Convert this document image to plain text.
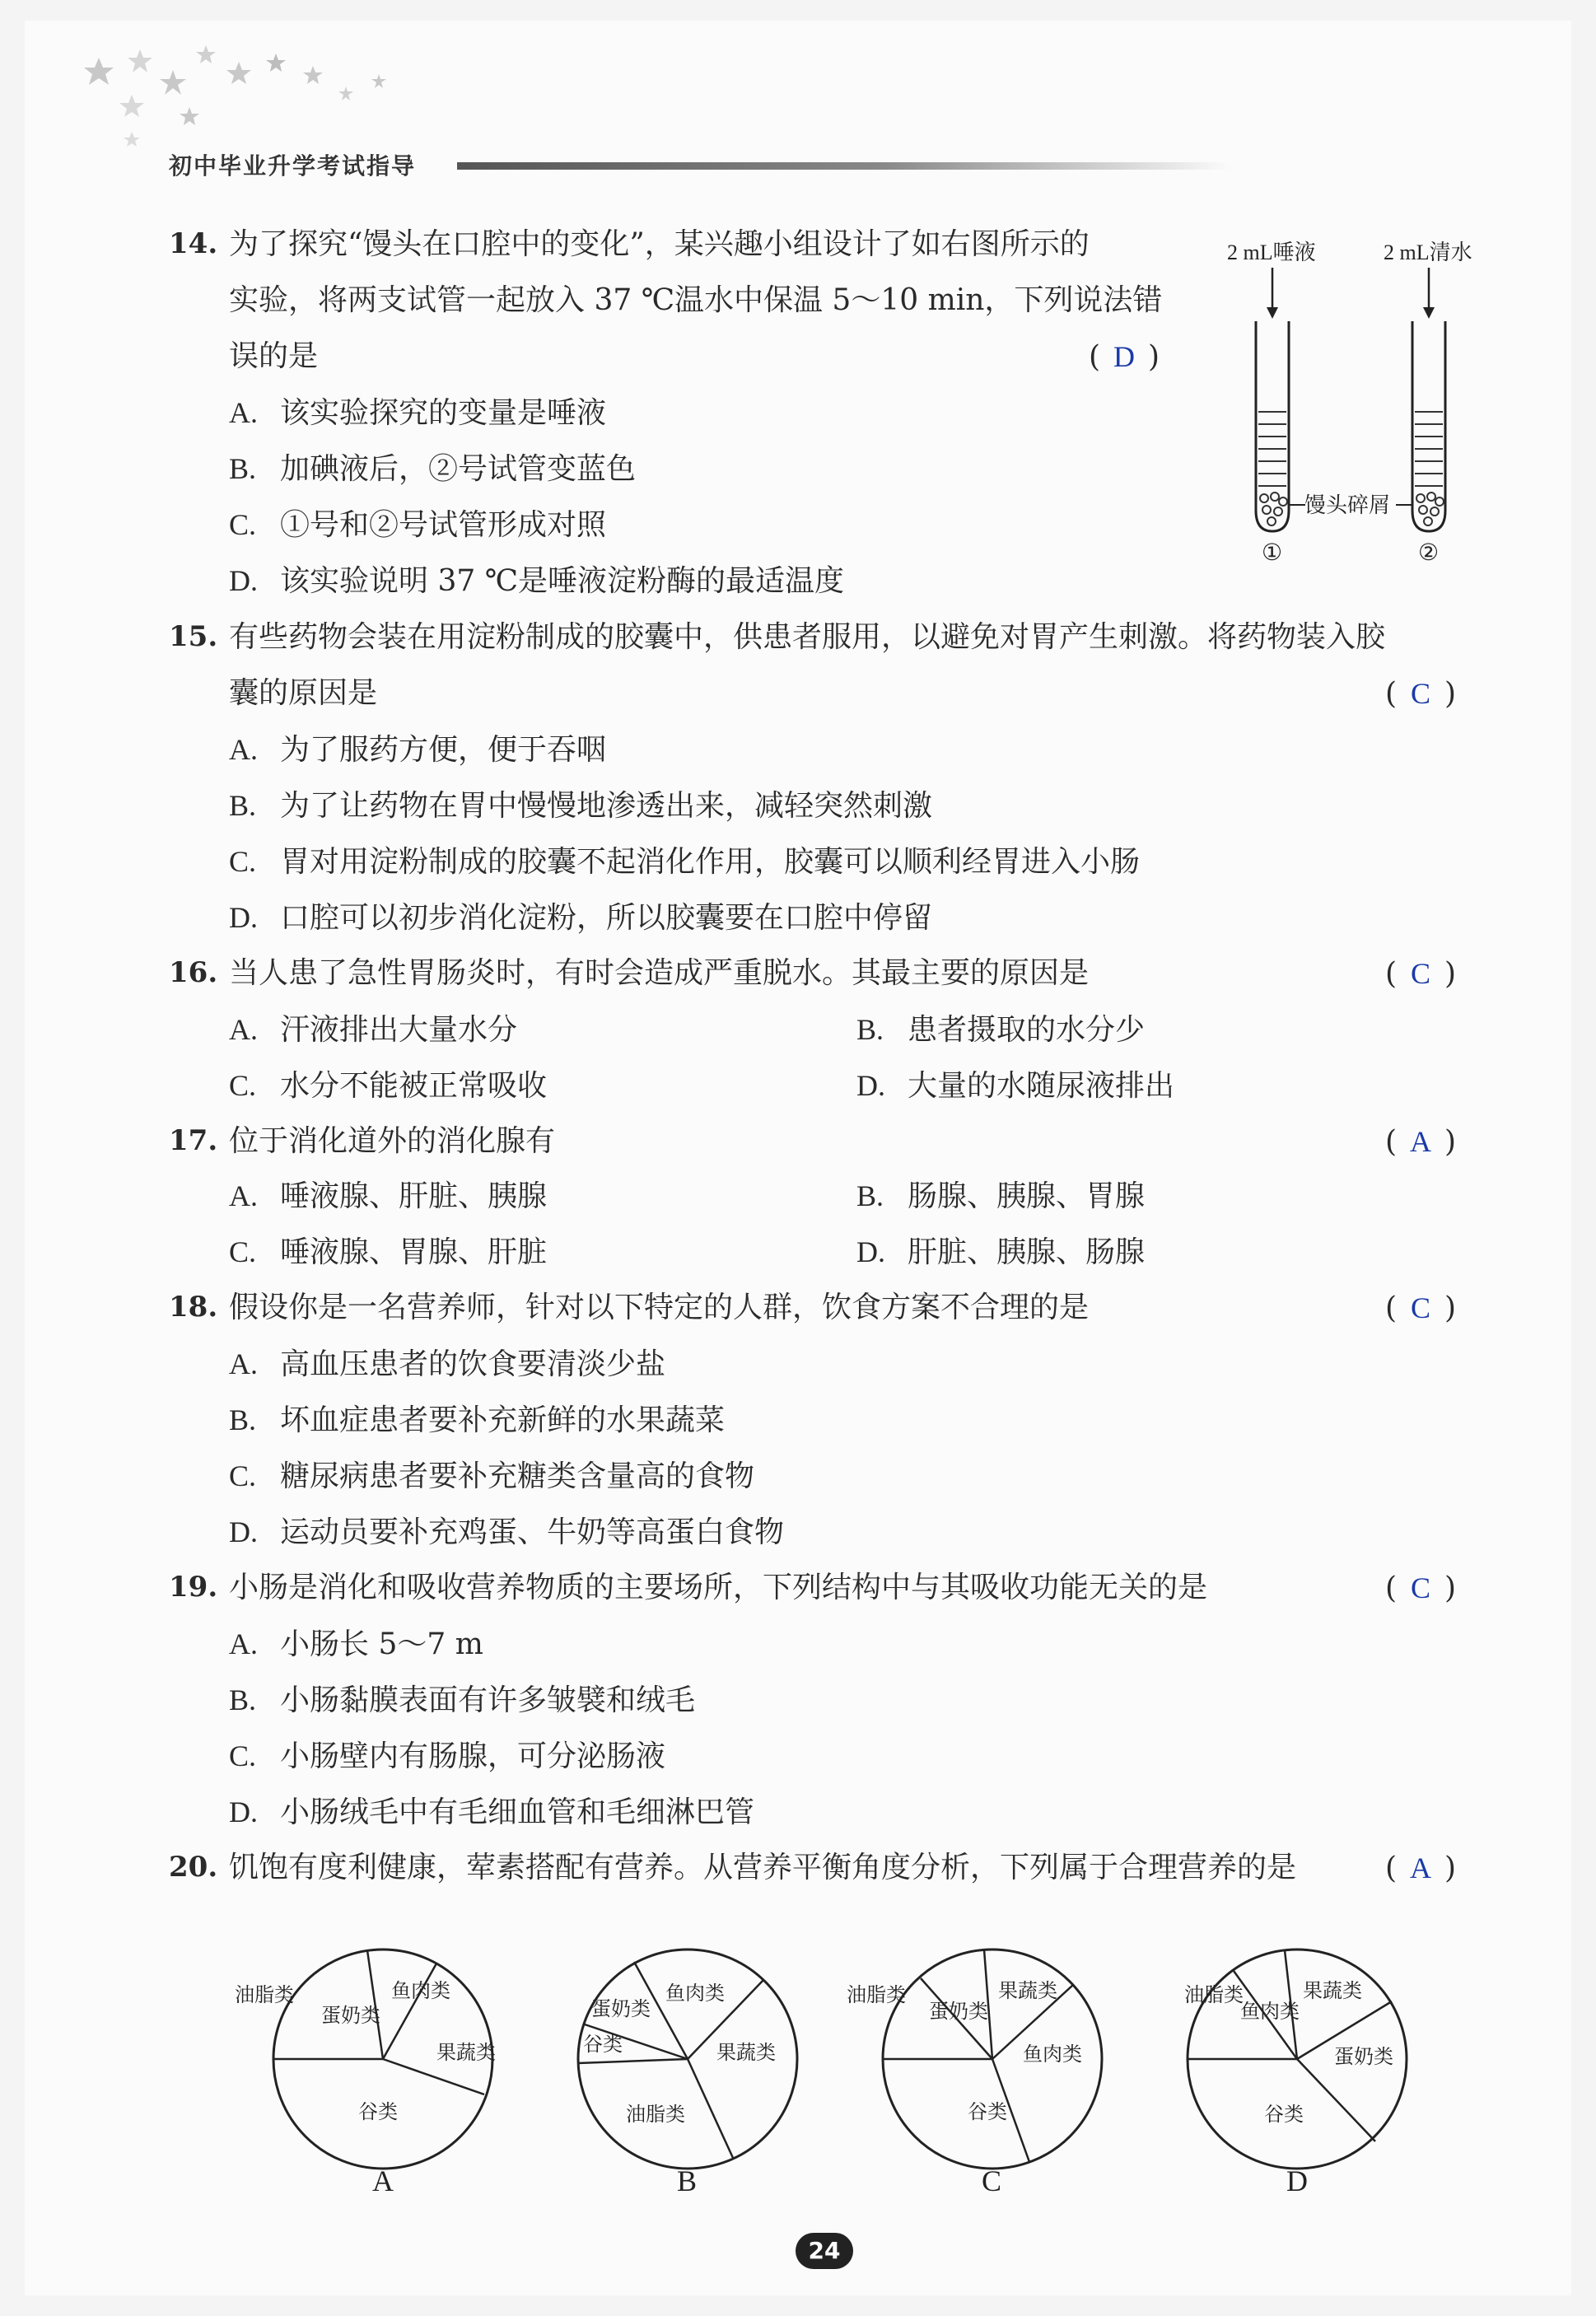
初中毕业升学考试指导
14. 为了探究“馒头在口腔中的变化”，某兴趣小组设计了如右图所示的
实验，将两支试管一起放入 37 ℃温水中保温 5～10 min，下列说法错
误的是	( D )
A. 该实验探究的变量是唾液
B. 加碘液后，②号试管变蓝色
C. ①号和②号试管形成对照
D. 该实验说明 37 ℃是唾液淀粉酶的最适温度
2 mL唾液	2 mL清水
馒头碎屑
①	②
15. 有些药物会装在用淀粉制成的胶囊中，供患者服用，以避免对胃产生刺激。将药物装入胶
囊的原因是	( C )
A. 为了服药方便，便于吞咽
B. 为了让药物在胃中慢慢地渗透出来，减轻突然刺激
C. 胃对用淀粉制成的胶囊不起消化作用，胶囊可以顺利经胃进入小肠
D. 口腔可以初步消化淀粉，所以胶囊要在口腔中停留
16. 当人患了急性胃肠炎时，有时会造成严重脱水。其最主要的原因是	( C )
A. 汗液排出大量水分	B. 患者摄取的水分少
C. 水分不能被正常吸收	D. 大量的水随尿液排出
17. 位于消化道外的消化腺有	( A )
A. 唾液腺、肝脏、胰腺	B. 肠腺、胰腺、胃腺
C. 唾液腺、胃腺、肝脏	D. 肝脏、胰腺、肠腺
18. 假设你是一名营养师，针对以下特定的人群，饮食方案不合理的是	( C )
A. 高血压患者的饮食要清淡少盐
B. 坏血症患者要补充新鲜的水果蔬菜
C. 糖尿病患者要补充糖类含量高的食物
D. 运动员要补充鸡蛋、牛奶等高蛋白食物
19. 小肠是消化和吸收营养物质的主要场所，下列结构中与其吸收功能无关的是	( C )
A. 小肠长 5～7 m
B. 小肠黏膜表面有许多皱襞和绒毛
C. 小肠壁内有肠腺，可分泌肠液
D. 小肠绒毛中有毛细血管和毛细淋巴管
20. 饥饱有度利健康，荤素搭配有营养。从营养平衡角度分析，下列属于合理营养的是	( A )
油脂类
蛋奶类
鱼肉类
果蔬类
谷类
A
蛋奶类
谷类
鱼肉类
果蔬类
油脂类
B
油脂类
蛋奶类
果蔬类
鱼肉类
谷类
C
油脂类
鱼肉类
果蔬类
蛋奶类
谷类
D
24
